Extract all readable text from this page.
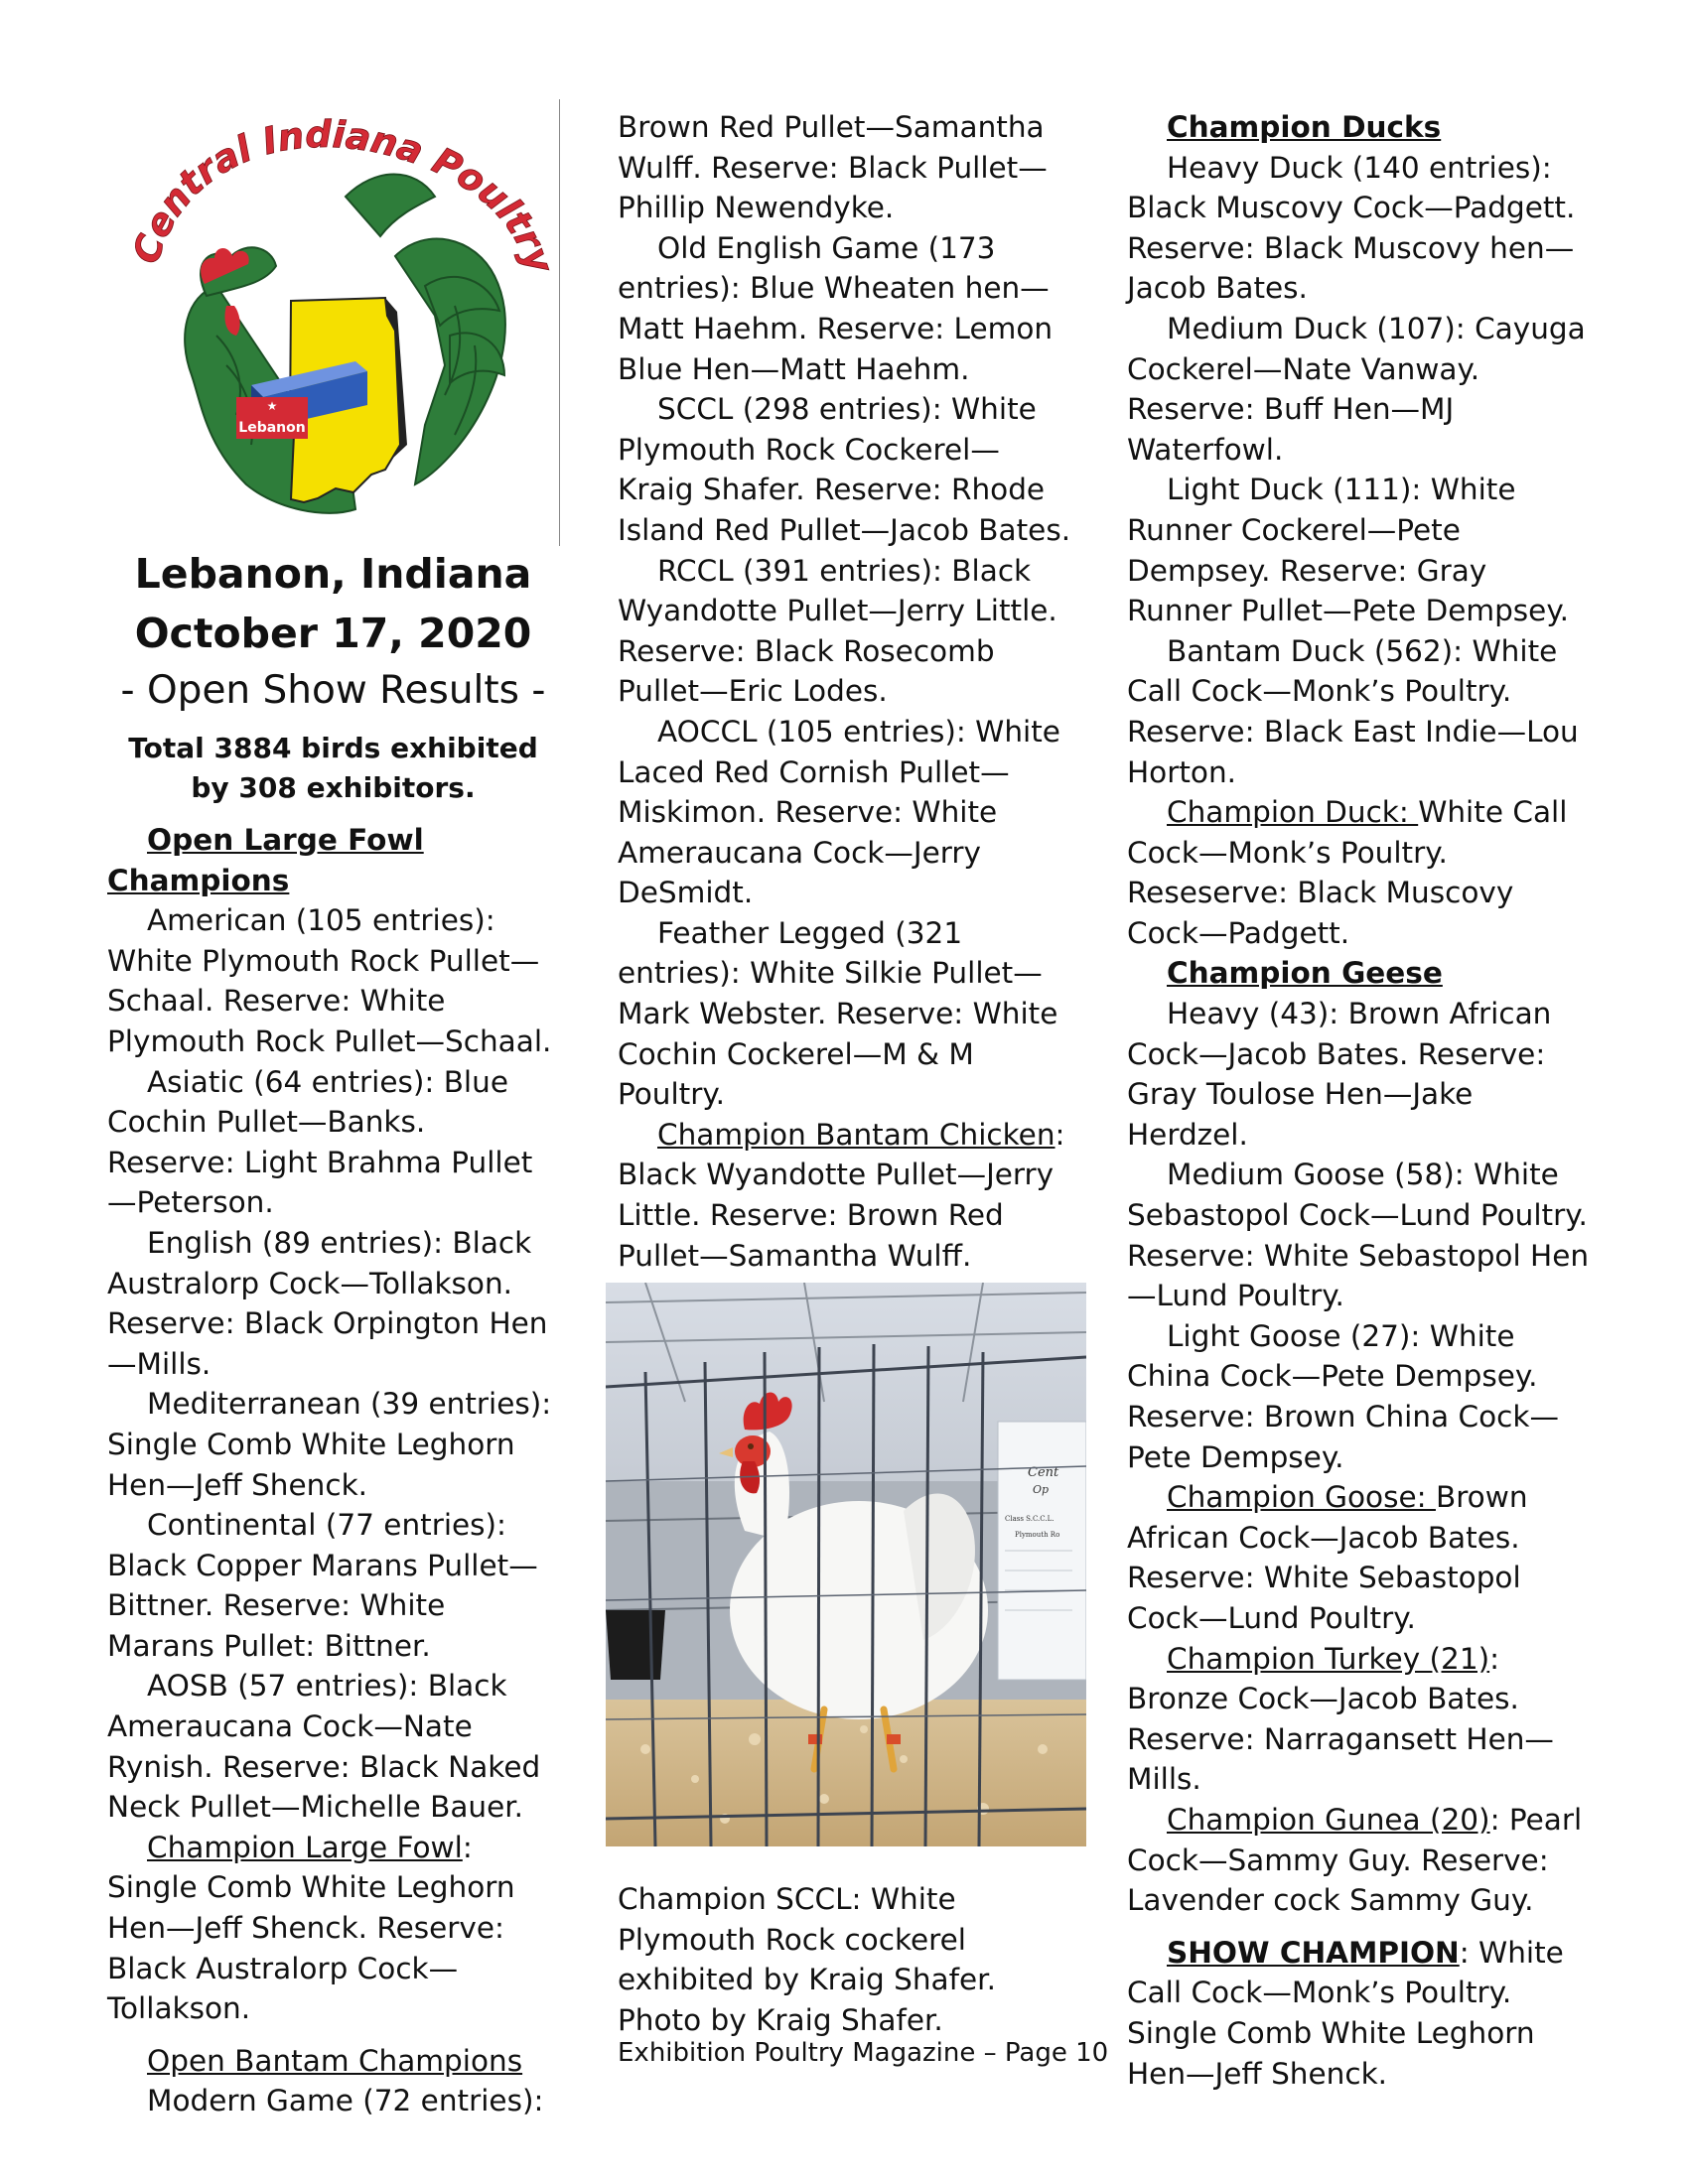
★
Lebanon
Central Indiana Poultr

Lebanon, Indiana

October 17, 2020

- Open Show Results -

Total 3884 birds exhibited by 308 exhibitors.

Open Large Fowl Champions

American (105 entries): White Plymouth Rock Pullet—Schaal. Reserve: White Plymouth Rock Pullet—Schaal.

Asiatic (64 entries): Blue Cochin Pullet—Banks. Reserve: Light Brahma Pullet—Peterson.

English (89 entries): Black Australorp Cock—Tollakson. Reserve: Black Orpington Hen—Mills.

Mediterranean (39 entries): Single Comb White Leghorn Hen—Jeff Shenck.

Continental (77 entries): Black Copper Marans Pullet—Bittner. Reserve: White Marans Pullet: Bittner.

AOSB (57 entries): Black Ameraucana Cock—Nate Rynish. Reserve: Black Naked Neck Pullet—Michelle Bauer.

Champion Large Fowl: Single Comb White Leghorn Hen—Jeff Shenck. Reserve: Black Australorp Cock—Tollakson.

Open Bantam Champions

Modern Game (72 entries):

Brown Red Pullet—Samantha Wulff. Reserve: Black Pullet—Phillip Newendyke.

Old English Game (173 entries): Blue Wheaten hen—Matt Haehm. Reserve: Lemon Blue Hen—Matt Haehm.

SCCL (298 entries): White Plymouth Rock Cockerel—Kraig Shafer. Reserve: Rhode Island Red Pullet—Jacob Bates.

RCCL (391 entries): Black Wyandotte Pullet—Jerry Little. Reserve: Black Rosecomb Pullet—Eric Lodes.

AOCCL (105 entries): White Laced Red Cornish Pullet—Miskimon. Reserve: White Ameraucana Cock—Jerry DeSmidt.

Feather Legged (321 entries): White Silkie Pullet—Mark Webster. Reserve: White Cochin Cockerel—M & M Poultry.

Champion Bantam Chicken: Black Wyandotte Pullet—Jerry Little. Reserve: Brown Red Pullet—Samantha Wulff.

Cent
Op
Class S.C.C.L.
Plymouth Ro

Champion SCCL: White Plymouth Rock cockerel exhibited by Kraig Shafer. Photo by Kraig Shafer.

Champion Ducks

Heavy Duck (140 entries): Black Muscovy Cock—Padgett. Reserve: Black Muscovy hen—Jacob Bates.

Medium Duck (107): Cayuga Cockerel—Nate Vanway. Reserve: Buff Hen—MJ Waterfowl.

Light Duck (111): White Runner Cockerel—Pete Dempsey. Reserve: Gray Runner Pullet—Pete Dempsey.

Bantam Duck (562): White Call Cock—Monk’s Poultry. Reserve: Black East Indie—Lou Horton.

Champion Duck: White Call Cock—Monk’s Poultry. Reseserve: Black Muscovy Cock—Padgett.

Champion Geese

Heavy (43): Brown African Cock—Jacob Bates. Reserve: Gray Toulose Hen—Jake Herdzel.

Medium Goose (58): White Sebastopol Cock—Lund Poultry. Reserve: White Sebastopol Hen—Lund Poultry.

Light Goose (27): White China Cock—Pete Dempsey. Reserve: Brown China Cock—Pete Dempsey.

Champion Goose: Brown African Cock—Jacob Bates. Reserve: White Sebastopol Cock—Lund Poultry.

Champion Turkey (21): Bronze Cock—Jacob Bates. Reserve: Narragansett Hen—Mills.

Champion Gunea (20): Pearl Cock—Sammy Guy. Reserve: Lavender cock Sammy Guy.

SHOW CHAMPION: White Call Cock—Monk’s Poultry. Single Comb White Leghorn Hen—Jeff Shenck.

Exhibition Poultry Magazine – Page 10
